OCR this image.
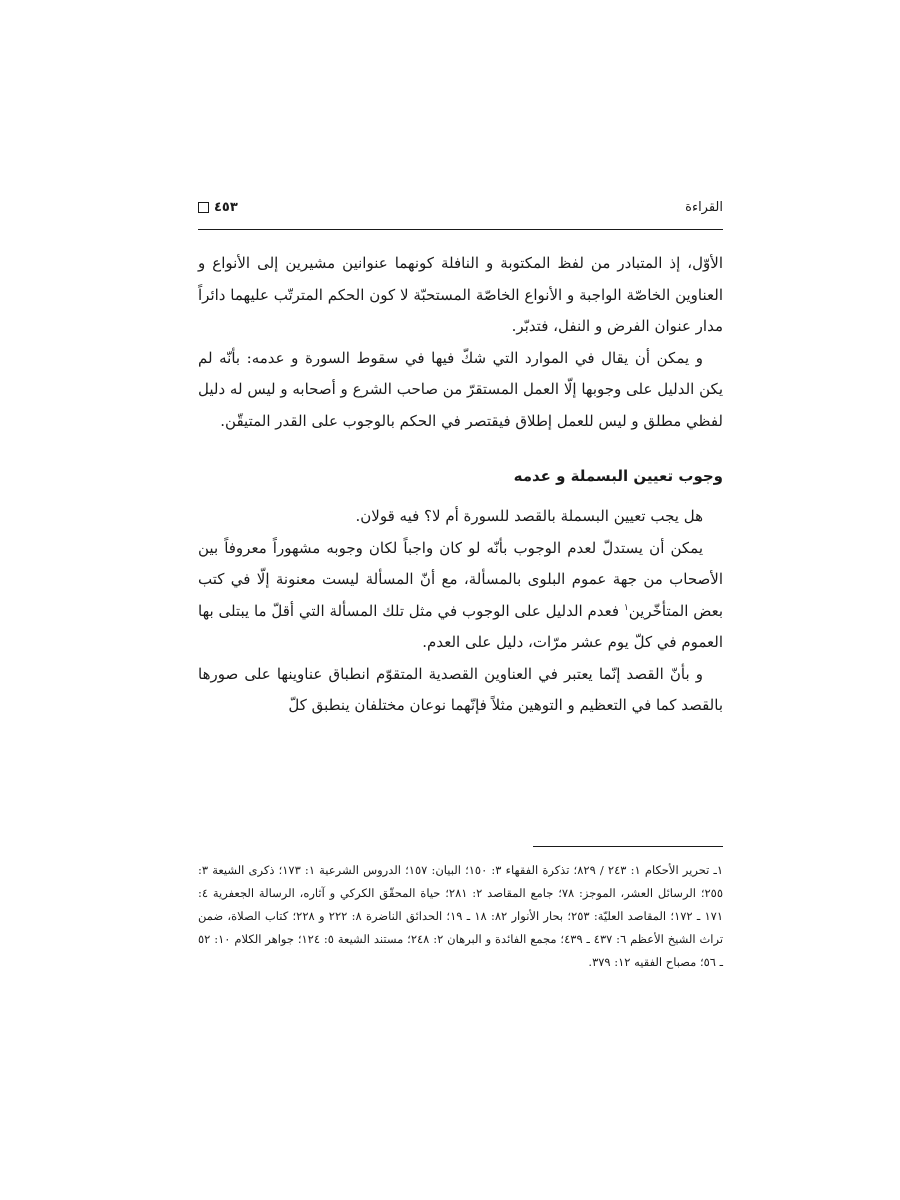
القراءة
٤٥٣

الأوّل، إذ المتبادر من لفظ المكتوبة و النافلة كونهما عنوانين مشيرين إلى الأنواع و العناوين الخاصّة الواجبة و الأنواع الخاصّة المستحبّة لا كون الحكم المترتّب عليهما دائراً مدار عنوان الفرض و النفل، فتدبّر.

و يمكن أن يقال في الموارد التي شكّ فيها في سقوط السورة و عدمه: بأنّه لم يكن الدليل على وجوبها إلّا العمل المستقرّ من صاحب الشرع و أصحابه و ليس له دليل لفظي مطلق و ليس للعمل إطلاق فيقتصر في الحكم بالوجوب على القدر المتيقّن.

وجوب تعيين البسملة و عدمه

هل يجب تعيين البسملة بالقصد للسورة أم لا؟ فيه قولان.

يمكن أن يستدلّ لعدم الوجوب بأنّه لو كان واجباً لكان وجوبه مشهوراً معروفاً بين الأصحاب من جهة عموم البلوى بالمسألة، مع أنّ المسألة ليست معنونة إلّا في كتب بعض المتأخّرين$^١$ فعدم الدليل على الوجوب في مثل تلك المسألة التي أقلّ ما يبتلى بها العموم في كلّ يوم عشر مرّات، دليل على العدم.

و بأنّ القصد إنّما يعتبر في العناوين القصدية المتقوّم انطباق عناوينها على صورها بالقصد كما في التعظيم و التوهين مثلاً فإنّهما نوعان مختلفان ينطبق كلّ

١ـ تحرير الأحكام ١: ٢٤٣ / ٨٢٩؛ تذكرة الفقهاء ٣: ١٥٠؛ البيان: ١٥٧؛ الدروس الشرعية ١: ١٧٣؛ ذكرى الشيعة ٣: ٢٥٥؛ الرسائل العشر، الموجز: ٧٨؛ جامع المقاصد ٢: ٢٨١؛ حياة المحقّق الكركي و آثاره، الرسالة الجعفرية ٤: ١٧١ ـ ١٧٢؛ المقاصد العليّة: ٢٥٣؛ بحار الأنوار ٨٢: ١٨ ـ ١٩؛ الحدائق الناضرة ٨: ٢٢٢ و ٢٢٨؛ كتاب الصلاة، ضمن تراث الشيخ الأعظم ٦: ٤٣٧ ـ ٤٣٩؛ مجمع الفائدة و البرهان ٢: ٢٤٨؛ مستند الشيعة ٥: ١٢٤؛ جواهر الكلام ١٠: ٥٢ ـ ٥٦؛ مصباح الفقيه ١٢: ٣٧٩.
